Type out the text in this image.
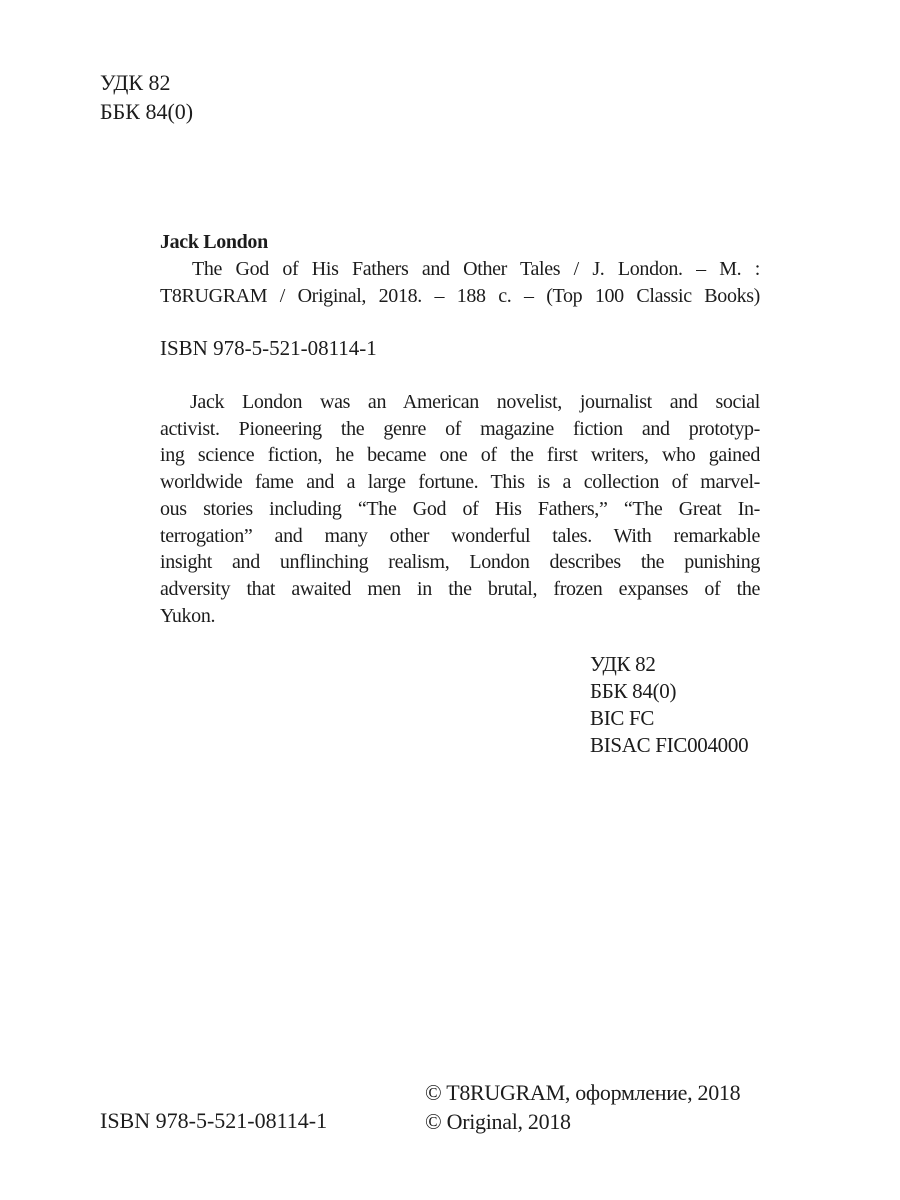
УДК 82
ББК 84(0)
Jack London
The God of His Fathers and Other Tales / J. London. – М. :
T8RUGRAM / Original, 2018. – 188 с. – (Top 100 Classic Books)
ISBN 978-5-521-08114-1
Jack London was an American novelist, journalist and social
activist. Pioneering the genre of magazine fiction and prototyp-
ing science fiction, he became one of the first writers, who gained
worldwide fame and a large fortune. This is a collection of marvel-
ous stories including “The God of His Fathers,” “The Great In-
terrogation” and many other wonderful tales. With remarkable
insight and unflinching realism, London describes the punishing
adversity that awaited men in the brutal, frozen expanses of the
Yukon.
УДК 82
ББК 84(0)
BIC FC
BISAC FIC004000
ISBN 978-5-521-08114-1
© T8RUGRAM, оформление, 2018
© Original, 2018
